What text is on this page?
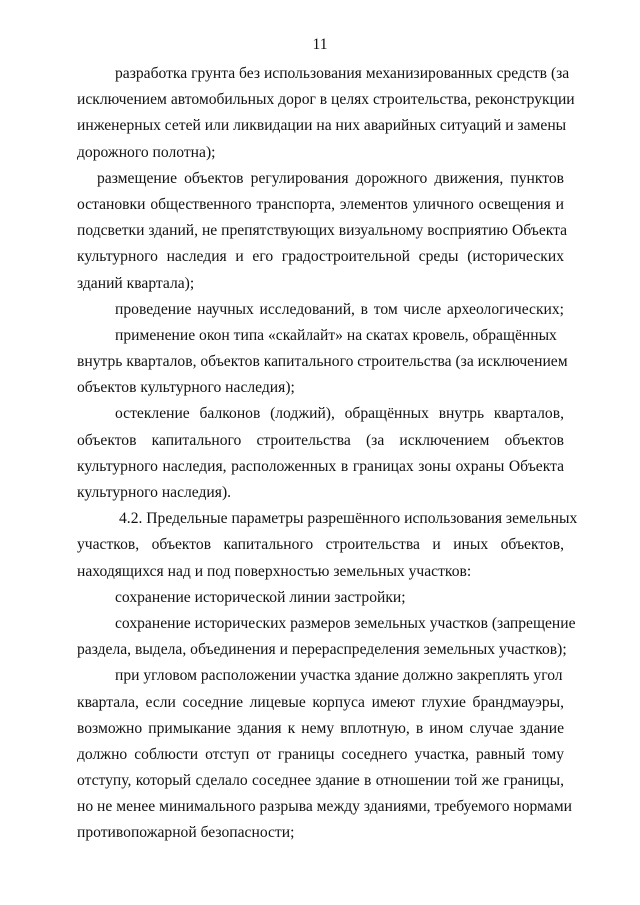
11
разработка грунта без использования механизированных средств (за
исключением автомобильных дорог в целях строительства, реконструкции
инженерных сетей или ликвидации на них аварийных ситуаций и замены
дорожного полотна);
размещение объектов регулирования дорожного движения, пунктов
остановки общественного транспорта, элементов уличного освещения и
подсветки зданий, не препятствующих визуальному восприятию Объекта
культурного наследия и его градостроительной среды (исторических
зданий квартала);
проведение научных исследований, в том числе археологических;
применение окон типа «скайлайт» на скатах кровель, обращённых
внутрь кварталов, объектов капитального строительства (за исключением
объектов культурного наследия);
остекление балконов (лоджий), обращённых внутрь кварталов,
объектов капитального строительства (за исключением объектов
культурного наследия, расположенных в границах зоны охраны Объекта
культурного наследия).
4.2. Предельные параметры разрешённого использования земельных
участков, объектов капитального строительства и иных объектов,
находящихся над и под поверхностью земельных участков:
сохранение исторической линии застройки;
сохранение исторических размеров земельных участков (запрещение
раздела, выдела, объединения и перераспределения земельных участков);
при угловом расположении участка здание должно закреплять угол
квартала, если соседние лицевые корпуса имеют глухие брандмауэры,
возможно примыкание здания к нему вплотную, в ином случае здание
должно соблюсти отступ от границы соседнего участка, равный тому
отступу, который сделало соседнее здание в отношении той же границы,
но не менее минимального разрыва между зданиями, требуемого нормами
противопожарной безопасности;
